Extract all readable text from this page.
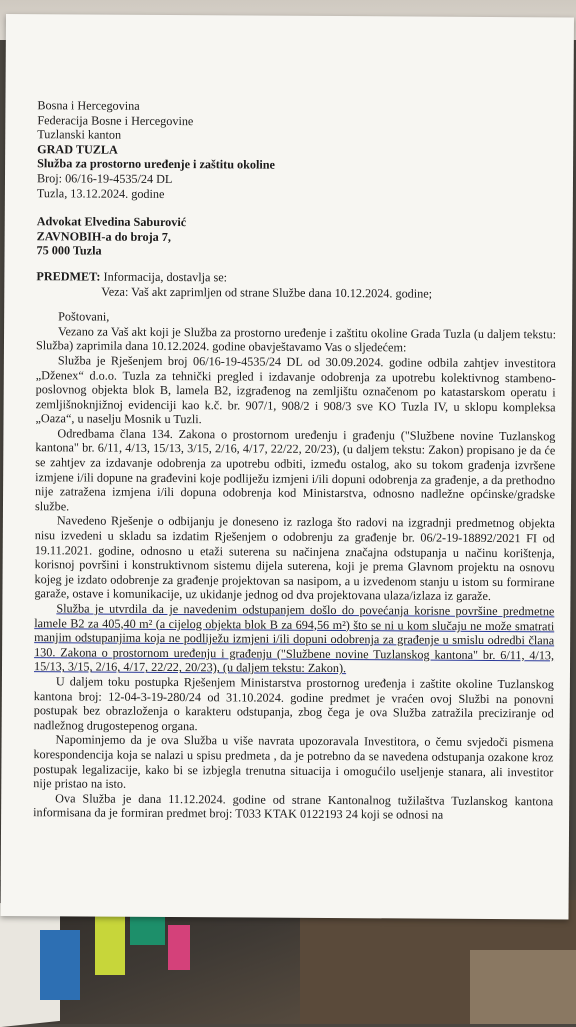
Bosna i Hercegovina

Federacija Bosne i Hercegovine

Tuzlanski kanton

GRAD TUZLA

Služba za prostorno uređenje i zaštitu okoline

Broj: 06/16-19-4535/24 DL

Tuzla, 13.12.2024. godine

Advokat Elvedina Saburović

ZAVNOBIH-a do broja 7,

75 000 Tuzla

PREDMET: Informacija, dostavlja se:

Veza: Vaš akt zaprimljen od strane Službe dana 10.12.2024. godine;

Poštovani,

Vezano za Vaš akt koji je Služba za prostorno uređenje i zaštitu okoline Grada Tuzla (u daljem tekstu: Služba) zaprimila dana 10.12.2024. godine obavještavamo Vas o sljedećem:

Služba je Rješenjem broj 06/16-19-4535/24 DL od 30.09.2024. godine odbila zahtjev investitora „Dženex“ d.o.o. Tuzla za tehnički pregled i izdavanje odobrenja za upotrebu kolektivnog stambeno-poslovnog objekta blok B, lamela B2, izgrađenog na zemljištu označenom po katastarskom operatu i zemljišnoknjižnoj evidenciji kao k.č. br. 907/1, 908/2 i 908/3 sve KO Tuzla IV, u sklopu kompleksa „Oaza“, u naselju Mosnik u Tuzli.

Odredbama člana 134. Zakona o prostornom uređenju i građenju ("Službene novine Tuzlanskog kantona" br. 6/11, 4/13, 15/13, 3/15, 2/16, 4/17, 22/22, 20/23), (u daljem tekstu: Zakon) propisano je da će se zahtjev za izdavanje odobrenja za upotrebu odbiti, između ostalog, ako su tokom građenja izvršene izmjene i/ili dopune na građevini koje podliježu izmjeni i/ili dopuni odobrenja za građenje, a da prethodno nije zatražena izmjena i/ili dopuna odobrenja kod Ministarstva, odnosno nadležne općinske/gradske službe.

Navedeno Rješenje o odbijanju je doneseno iz razloga što radovi na izgradnji predmetnog objekta nisu izvedeni u skladu sa izdatim Rješenjem o odobrenju za građenje br. 06/2-19-18892/2021 FI od 19.11.2021. godine, odnosno u etaži suterena su načinjena značajna odstupanja u načinu korištenja, korisnoj površini i konstruktivnom sistemu dijela suterena, koji je prema Glavnom projektu na osnovu kojeg je izdato odobrenje za građenje projektovan sa nasipom, a u izvedenom stanju u istom su formirane garaže, ostave i komunikacije, uz ukidanje jednog od dva projektovana ulaza/izlaza iz garaže.

Služba je utvrdila da je navedenim odstupanjem došlo do povećanja korisne površine predmetne lamele B2 za 405,40 m² (a cijelog objekta blok B za 694,56 m²) što se ni u kom slučaju ne može smatrati manjim odstupanjima koja ne podliježu izmjeni i/ili dopuni odobrenja za građenje u smislu odredbi člana 130. Zakona o prostornom uređenju i građenju ("Službene novine Tuzlanskog kantona" br. 6/11, 4/13, 15/13, 3/15, 2/16, 4/17, 22/22, 20/23), (u daljem tekstu: Zakon).

U daljem toku postupka Rješenjem Ministarstva prostornog uređenja i zaštite okoline Tuzlanskog kantona broj: 12-04-3-19-280/24 od 31.10.2024. godine predmet je vraćen ovoj Službi na ponovni postupak bez obrazloženja o karakteru odstupanja, zbog čega je ova Služba zatražila preciziranje od nadležnog drugostepenog organa.

Napominjemo da je ova Služba u više navrata upozoravala Investitora, o čemu svjedoči pismena korespondencija koja se nalazi u spisu predmeta , da je potrebno da se navedena odstupanja ozakone kroz postupak legalizacije, kako bi se izbjegla trenutna situacija i omogućilo useljenje stanara, ali investitor nije pristao na isto.

Ova Služba je dana 11.12.2024. godine od strane Kantonalnog tužilaštva Tuzlanskog kantona informisana da je formiran predmet broj: T033 KTAK 0122193 24 koji se odnosi na
